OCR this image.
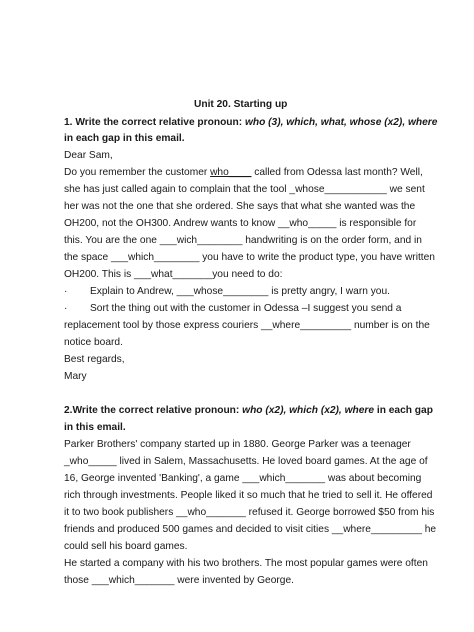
Unit 20. Starting up
1. Write the correct relative pronoun: who (3), which, what, whose (x2), where
in each gap in this email.
Dear Sam,
Do you remember the customer who____ called from Odessa last month? Well,
she has just called again to complain that the tool _whose___________ we sent
her was not the one that she ordered. She says that what she wanted was the
OH200, not the OH300. Andrew wants to know __who_____ is responsible for
this. You are the one ___wich________ handwriting is on the order form, and in
the space ___which________ you have to write the product type, you have written
OH200. This is ___what_______you need to do:
· Explain to Andrew, ___whose________ is pretty angry, I warn you.
· Sort the thing out with the customer in Odessa –I suggest you send a
replacement tool by those express couriers __where_________ number is on the
notice board.
Best regards,
Mary
2.Write the correct relative pronoun: who (x2), which (x2), where in each gap
in this email.
Parker Brothers' company started up in 1880. George Parker was a teenager
_who_____ lived in Salem, Massachusetts. He loved board games. At the age of
16, George invented 'Banking', a game ___which_______ was about becoming
rich through investments. People liked it so much that he tried to sell it. He offered
it to two book publishers __who_______ refused it. George borrowed $50 from his
friends and produced 500 games and decided to visit cities __where_________ he
could sell his board games.
He started a company with his two brothers. The most popular games were often
those ___which_______ were invented by George.
